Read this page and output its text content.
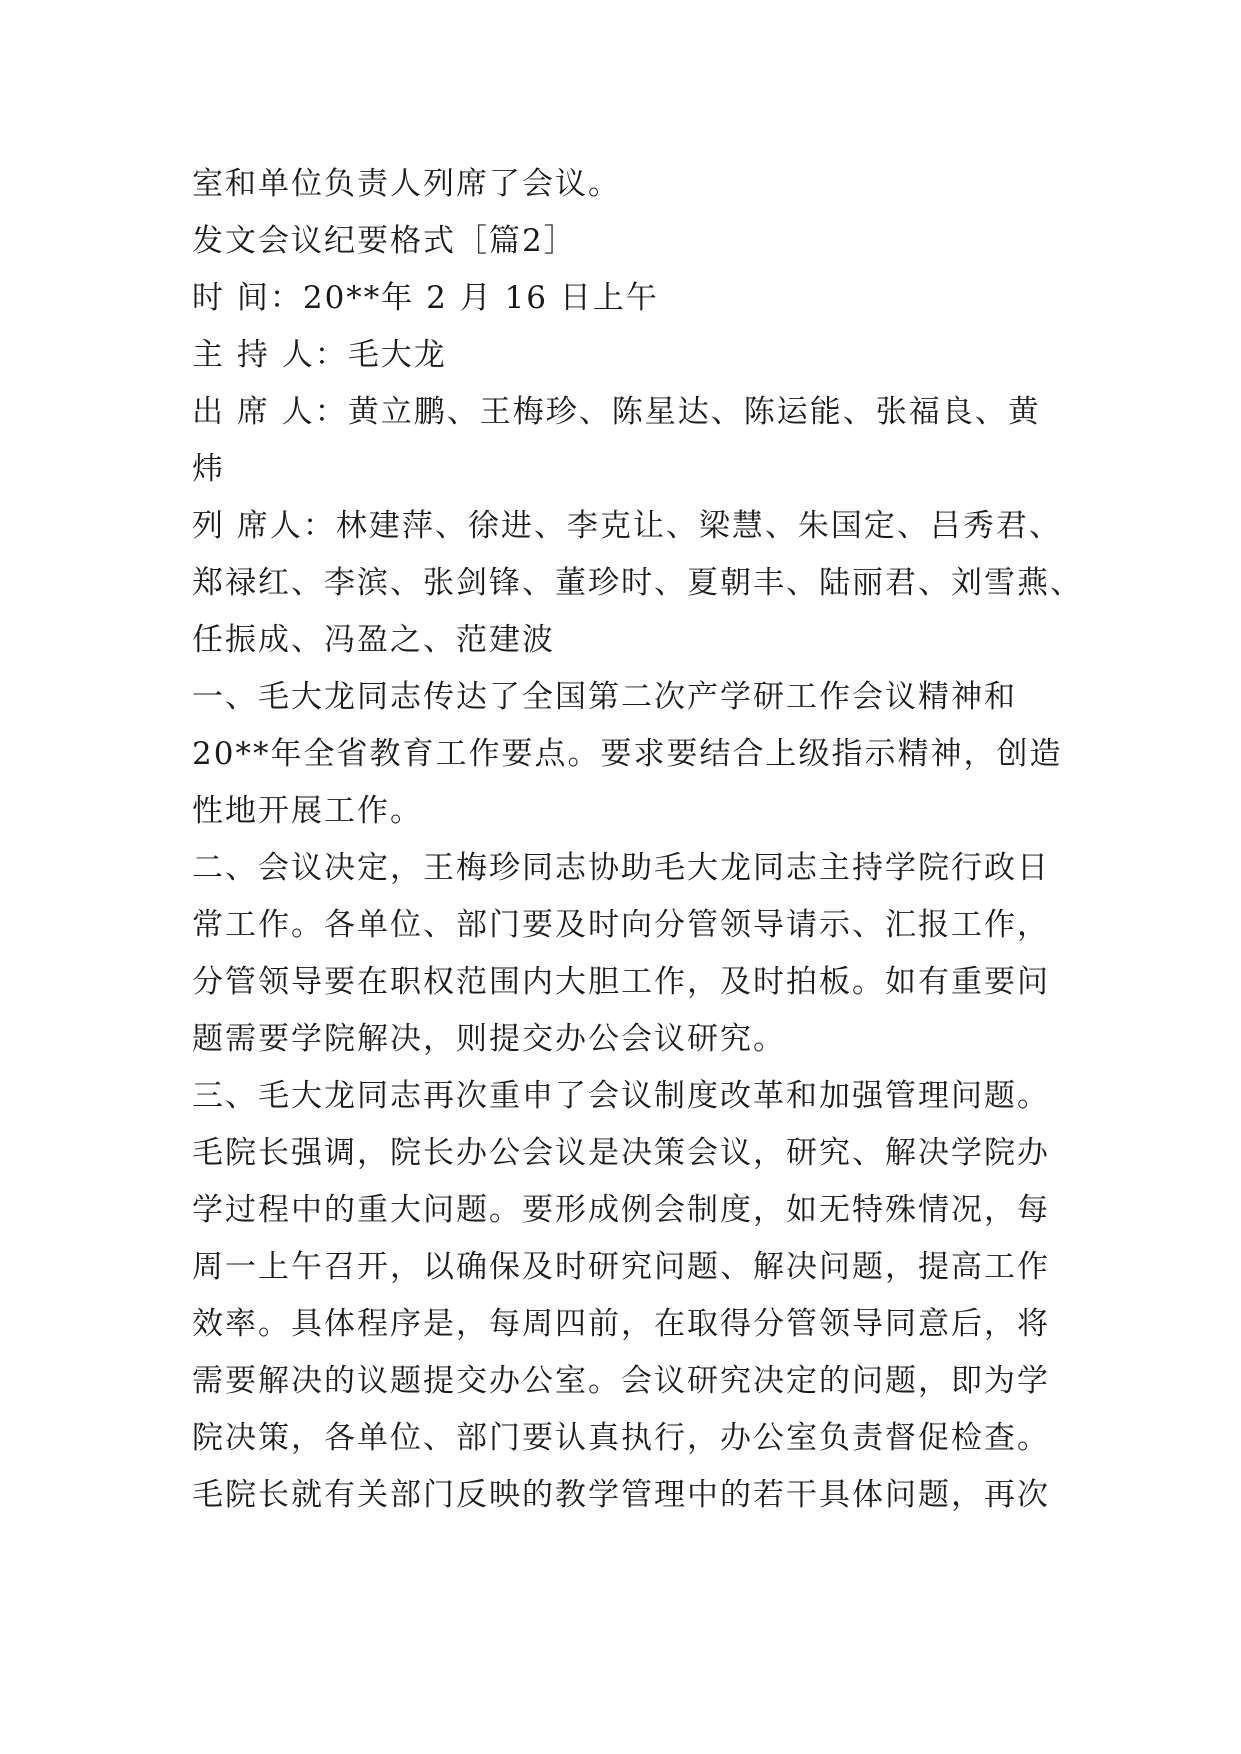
室和单位负责人列席了会议。
发文会议纪要格式［篇2］
时 间：20**年 2 月 16 日上午
主 持 人：毛大龙
出 席 人：黄立鹏、王梅珍、陈星达、陈运能、张福良、黄
炜
列 席人：林建萍、徐进、李克让、梁慧、朱国定、吕秀君、
郑禄红、李滨、张剑锋、董珍时、夏朝丰、陆丽君、刘雪燕、
任振成、冯盈之、范建波
一、毛大龙同志传达了全国第二次产学研工作会议精神和
20**年全省教育工作要点。要求要结合上级指示精神，创造
性地开展工作。
二、会议决定，王梅珍同志协助毛大龙同志主持学院行政日
常工作。各单位、部门要及时向分管领导请示、汇报工作，
分管领导要在职权范围内大胆工作，及时拍板。如有重要问
题需要学院解决，则提交办公会议研究。
三、毛大龙同志再次重申了会议制度改革和加强管理问题。
毛院长强调，院长办公会议是决策会议，研究、解决学院办
学过程中的重大问题。要形成例会制度，如无特殊情况，每
周一上午召开，以确保及时研究问题、解决问题，提高工作
效率。具体程序是，每周四前，在取得分管领导同意后，将
需要解决的议题提交办公室。会议研究决定的问题，即为学
院决策，各单位、部门要认真执行，办公室负责督促检查。
毛院长就有关部门反映的教学管理中的若干具体问题，再次
